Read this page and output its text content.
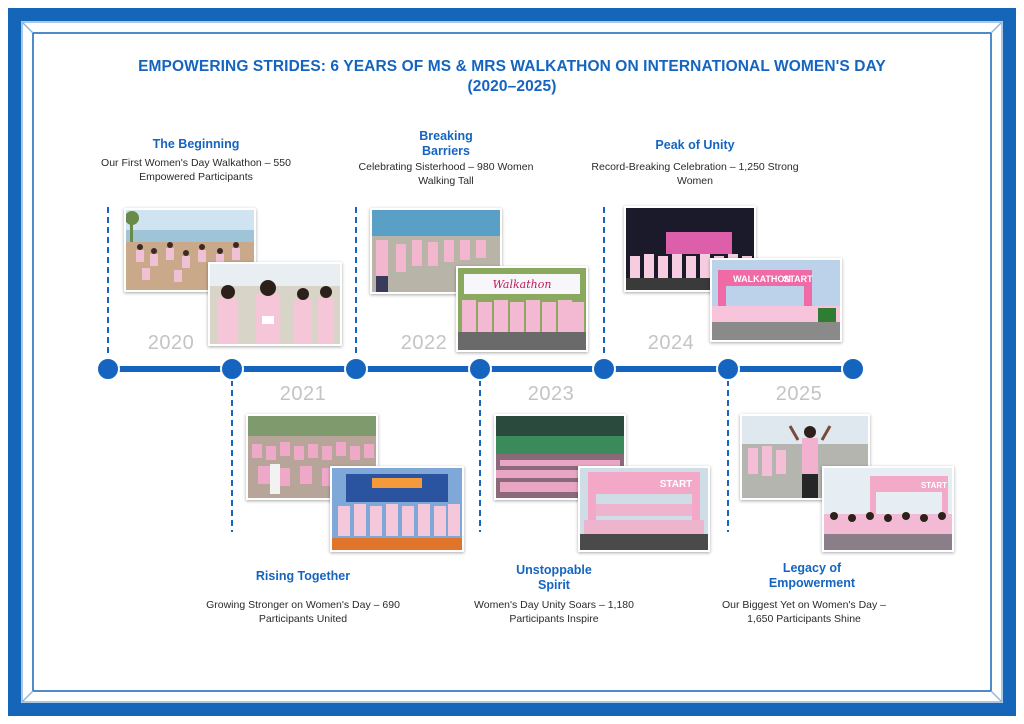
EMPOWERING STRIDES: 6 YEARS OF MS & MRS WALKATHON ON INTERNATIONAL WOMEN'S DAY (2020–2025)
The Beginning
Our First Women's Day Walkathon – 550 Empowered Participants
2020
2021
Rising Together
Growing Stronger on Women's Day – 690 Participants United
Breaking Barriers
Celebrating Sisterhood – 980 Women Walking Tall
2022
2023
Unstoppable Spirit
Women's Day Unity Soars – 1,180 Participants Inspire
Peak of Unity
Record-Breaking Celebration – 1,250 Strong Women
2024
2025
Legacy of Empowerment
Our Biggest Yet on Women's Day – 1,650 Participants Shine
Walkathon
START
WALKATHON
START
START
